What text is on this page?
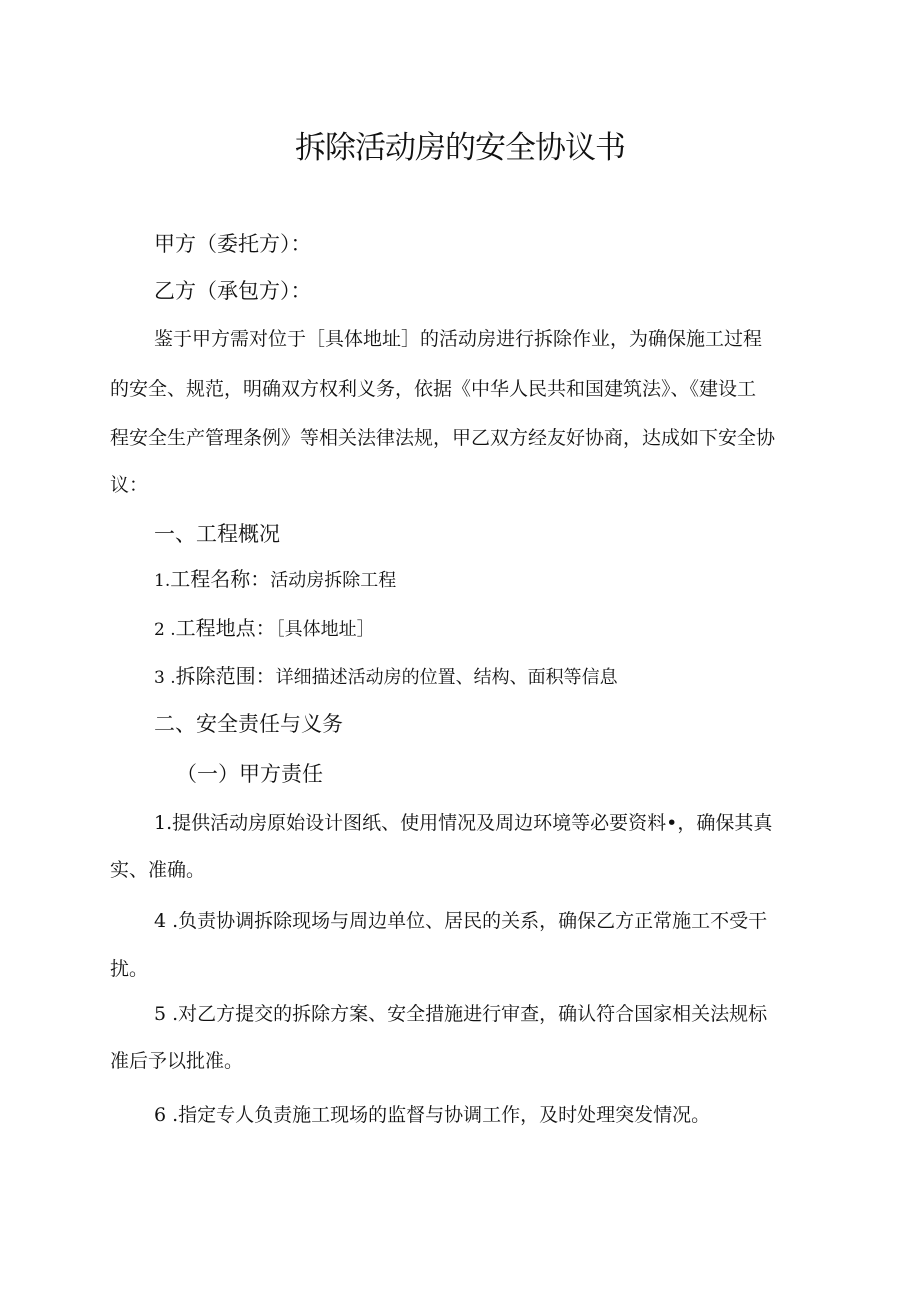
拆除活动房的安全协议书
甲方（委托方）：
乙方（承包方）：
鉴于甲方需对位于［具体地址］的活动房进行拆除作业，为确保施工过程
的安全、规范，明确双方权利义务，依据《中华人民共和国建筑法》、《建设工
程安全生产管理条例》等相关法律法规，甲乙双方经友好协商，达成如下安全协
议：
一、工程概况
1.工程名称：活动房拆除工程
2 .工程地点：［具体地址］
3 .拆除范围：详细描述活动房的位置、结构、面积等信息
二、安全责任与义务
（一）甲方责任
1.提供活动房原始设计图纸、使用情况及周边环境等必要资料•，确保其真
实、准确。
4 .负责协调拆除现场与周边单位、居民的关系，确保乙方正常施工不受干
扰。
5 .对乙方提交的拆除方案、安全措施进行审查，确认符合国家相关法规标
准后予以批准。
6 .指定专人负责施工现场的监督与协调工作，及时处理突发情况。
